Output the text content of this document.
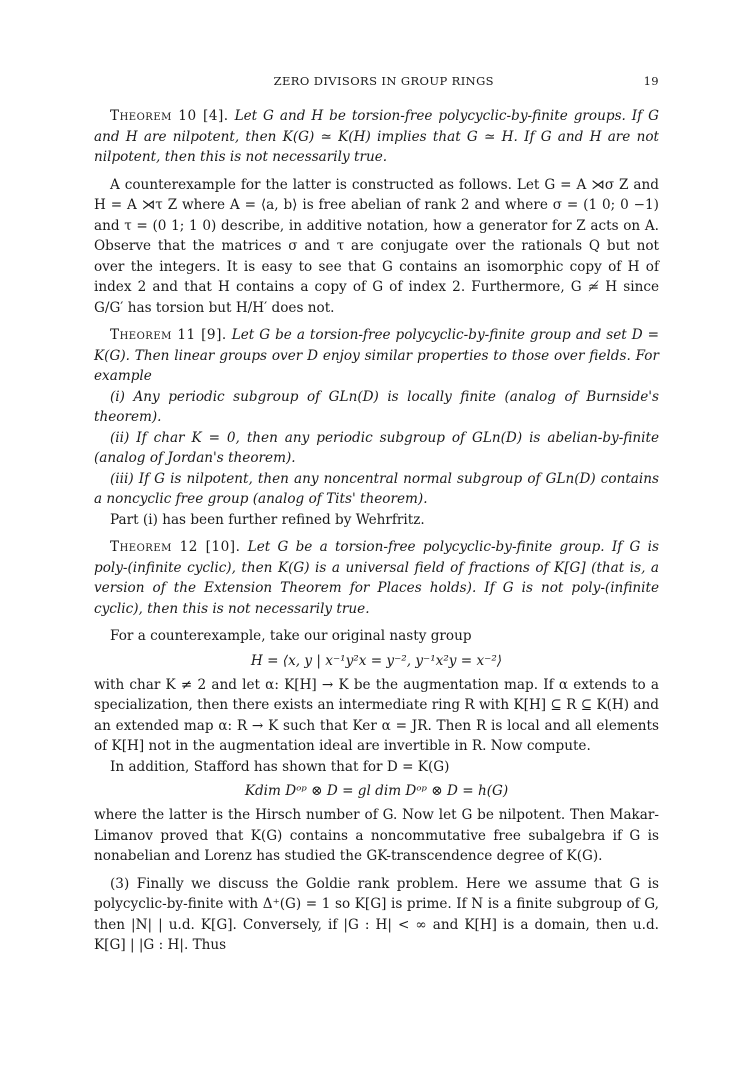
ZERO DIVISORS IN GROUP RINGS	19

Theorem 10 [4]. Let G and H be torsion-free polycyclic-by-finite groups. If G and H are nilpotent, then K(G) ≃ K(H) implies that G ≃ H. If G and H are not nilpotent, then this is not necessarily true.

A counterexample for the latter is constructed as follows. Let G = A ⋊σ Z and H = A ⋊τ Z where A = ⟨a, b⟩ is free abelian of rank 2 and where σ = (1 0; 0 −1) and τ = (0 1; 1 0) describe, in additive notation, how a generator for Z acts on A. Observe that the matrices σ and τ are conjugate over the rationals Q but not over the integers. It is easy to see that G contains an isomorphic copy of H of index 2 and that H contains a copy of G of index 2. Furthermore, G ≄ H since G/G′ has torsion but H/H′ does not.

Theorem 11 [9]. Let G be a torsion-free polycyclic-by-finite group and set D = K(G). Then linear groups over D enjoy similar properties to those over fields. For example

(i) Any periodic subgroup of GLn(D) is locally finite (analog of Burnside's theorem).

(ii) If char K = 0, then any periodic subgroup of GLn(D) is abelian-by-finite (analog of Jordan's theorem).

(iii) If G is nilpotent, then any noncentral normal subgroup of GLn(D) contains a noncyclic free group (analog of Tits' theorem).

Part (i) has been further refined by Wehrfritz.

Theorem 12 [10]. Let G be a torsion-free polycyclic-by-finite group. If G is poly-(infinite cyclic), then K(G) is a universal field of fractions of K[G] (that is, a version of the Extension Theorem for Places holds). If G is not poly-(infinite cyclic), then this is not necessarily true.

For a counterexample, take our original nasty group

H = ⟨x, y | x⁻¹y²x = y⁻², y⁻¹x²y = x⁻²⟩

with char K ≠ 2 and let α: K[H] → K be the augmentation map. If α extends to a specialization, then there exists an intermediate ring R with K[H] ⊆ R ⊆ K(H) and an extended map α: R → K such that Ker α = JR. Then R is local and all elements of K[H] not in the augmentation ideal are invertible in R. Now compute.

In addition, Stafford has shown that for D = K(G)

Kdim Dᵒᵖ ⊗ D = gl dim Dᵒᵖ ⊗ D = h(G)

where the latter is the Hirsch number of G. Now let G be nilpotent. Then Makar-Limanov proved that K(G) contains a noncommutative free subalgebra if G is nonabelian and Lorenz has studied the GK-transcendence degree of K(G).

(3) Finally we discuss the Goldie rank problem. Here we assume that G is polycyclic-by-finite with Δ⁺(G) = 1 so K[G] is prime. If N is a finite subgroup of G, then |N| | u.d. K[G]. Conversely, if |G : H| < ∞ and K[H] is a domain, then u.d. K[G] | |G : H|. Thus
